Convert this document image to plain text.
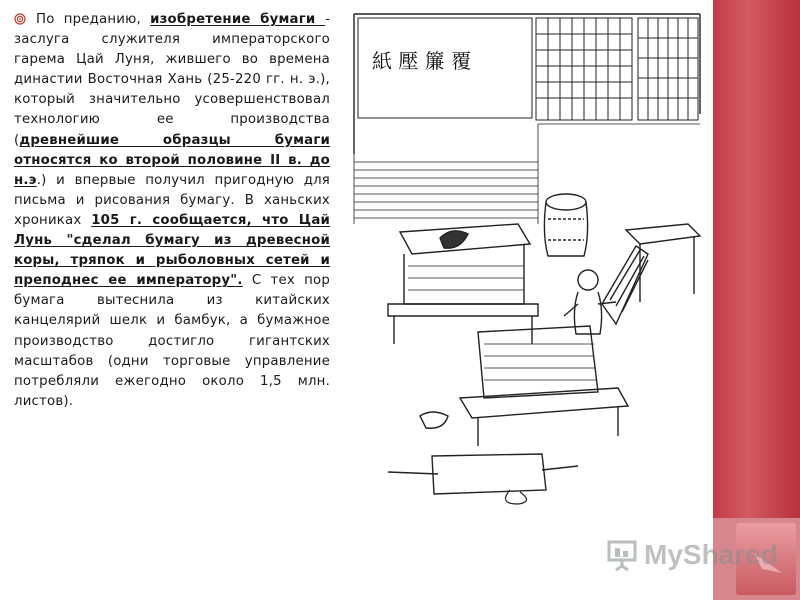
По преданию, изобретение бумаги - заслуга служителя императорского гарема Цай Луня, жившего во времена династии Восточная Хань (25-220 гг. н. э.), который значительно усовершенствовал технологию ее производства (древнейшие образцы бумаги относятся ко второй половине II в. до н.э.) и впервые получил пригодную для письма и рисования бумагу. В ханьских хрониках 105 г. сообщается, что Цай Лунь "сделал бумагу из древесной коры, тряпок и рыболовных сетей и преподнес ее императору". С тех пор бумага вытеснила из китайских канцелярий шелк и бамбук, а бумажное производство достигло гигантских масштабов (одни торговые управление потребляли ежегодно около 1,5 млн. листов).

紙 壓 簾 覆
MyShared
